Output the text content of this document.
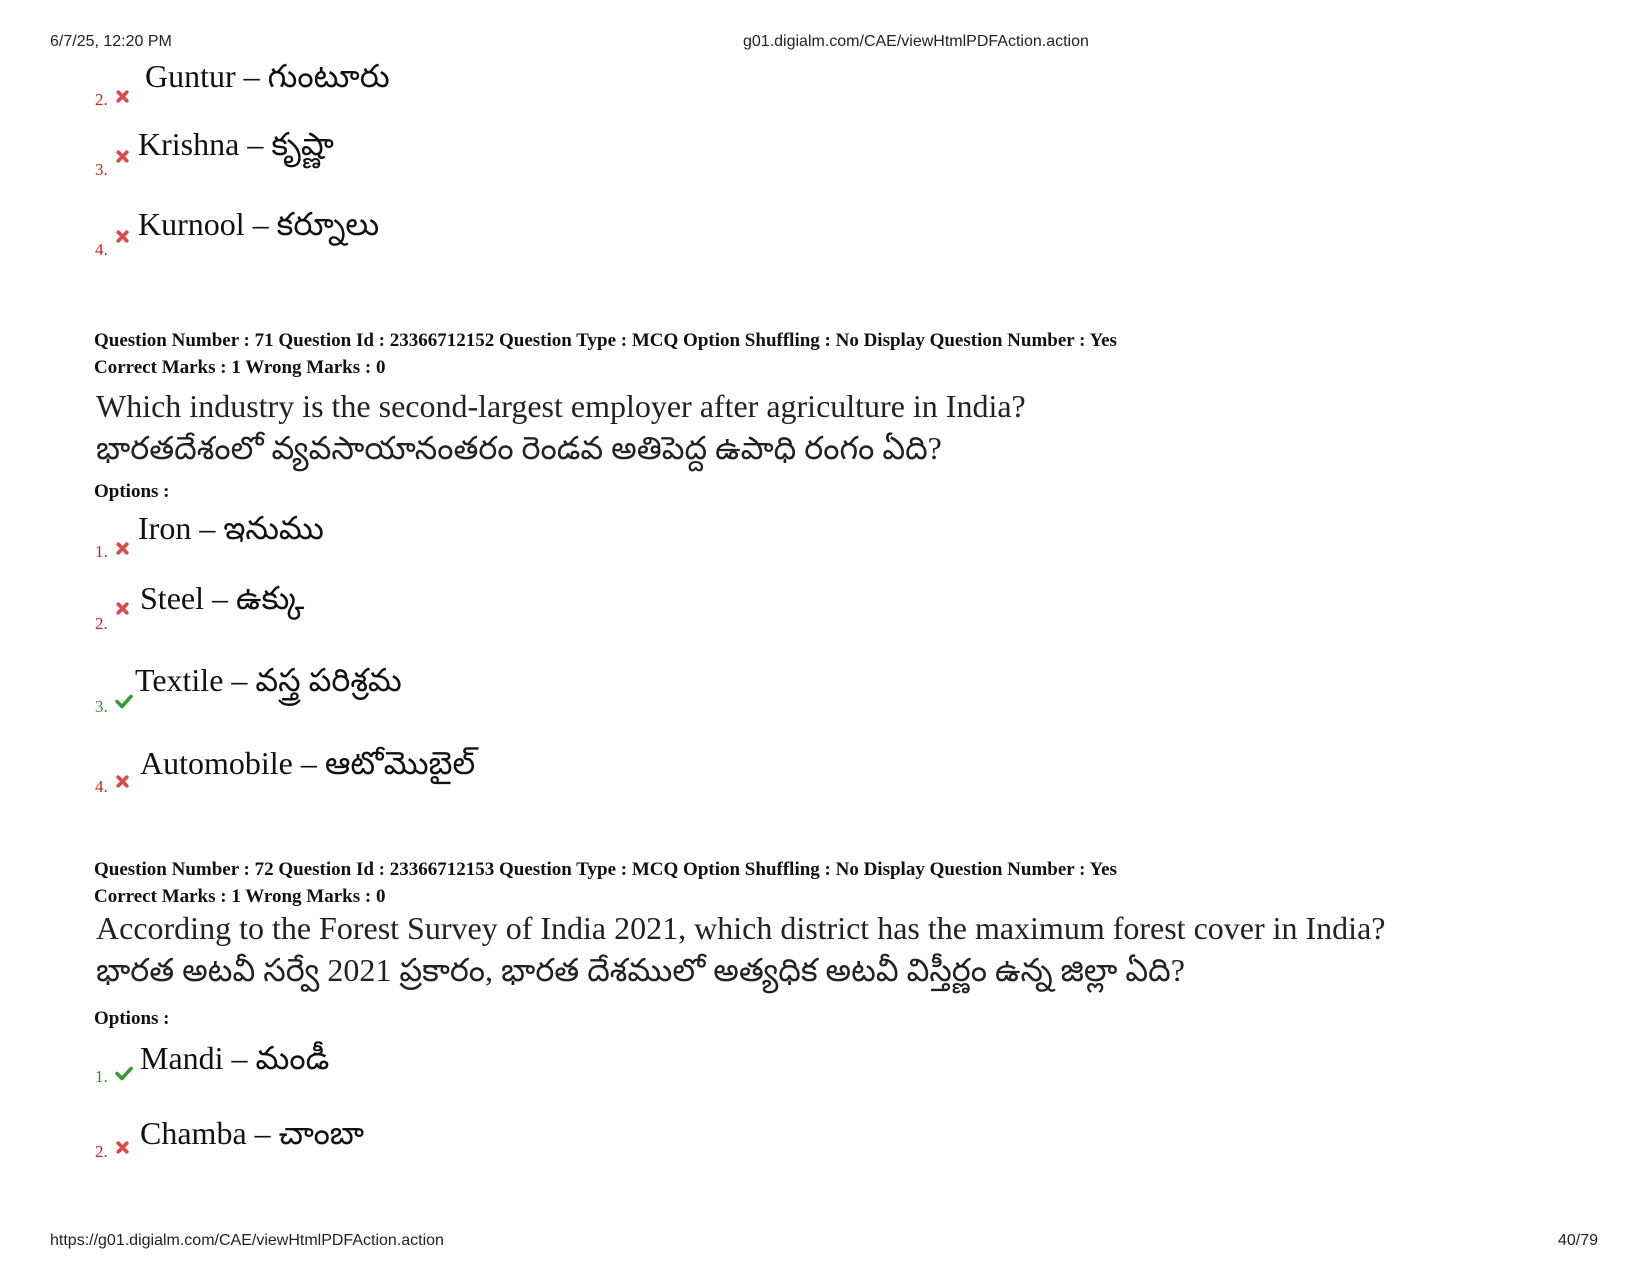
6/7/25, 12:20 PM	g01.digialm.com/CAE/viewHtmlPDFAction.action
2.
Guntur – గుంటూరు
3.
Krishna – కృష్ణా
4.
Kurnool – కర్నూలు
Question Number : 71 Question Id : 23366712152 Question Type : MCQ Option Shuffling : No Display Question Number : Yes
Correct Marks : 1 Wrong Marks : 0
Which industry is the second-largest employer after agriculture in India?
భారతదేశంలో వ్యవసాయానంతరం రెండవ అతిపెద్ద ఉపాధి రంగం ఏది?
Options :
1.
Iron – ఇనుము
2.
Steel – ఉక్కు
3.
Textile – వస్త్ర పరిశ్రమ
4.
Automobile – ఆటోమొబైల్
Question Number : 72 Question Id : 23366712153 Question Type : MCQ Option Shuffling : No Display Question Number : Yes
Correct Marks : 1 Wrong Marks : 0
According to the Forest Survey of India 2021, which district has the maximum forest cover in India?
భారత అటవీ సర్వే 2021 ప్రకారం, భారత దేశములో అత్యధిక అటవీ విస్తీర్ణం ఉన్న జిల్లా ఏది?
Options :
1.
Mandi – మండీ
2.
Chamba – చాంబా
https://g01.digialm.com/CAE/viewHtmlPDFAction.action	40/79
